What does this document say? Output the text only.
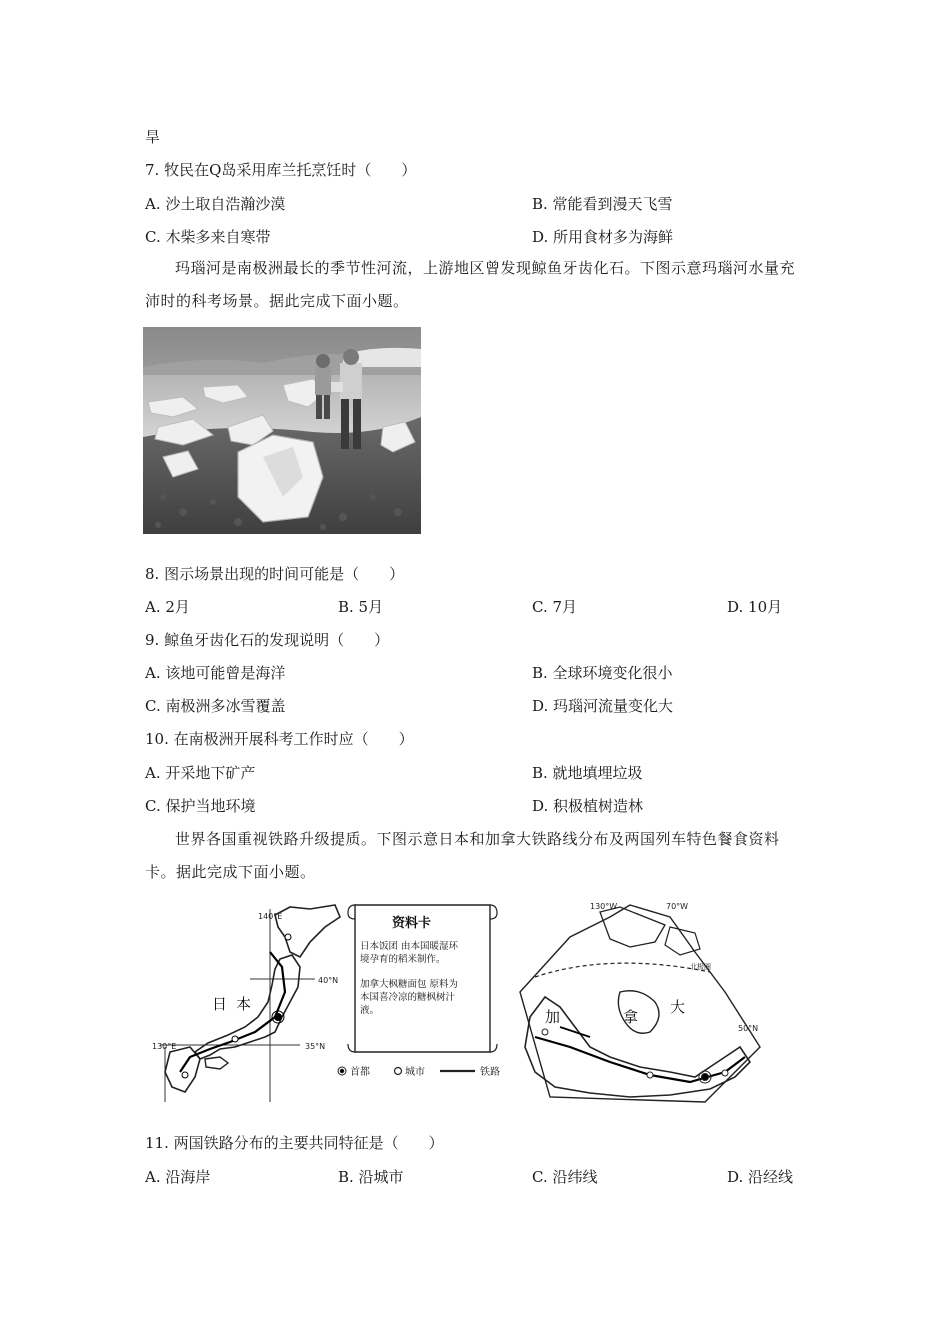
旱
7. 牧民在Q岛采用库兰托烹饪时（　　）
A. 沙土取自浩瀚沙漠	B. 常能看到漫天飞雪
C. 木柴多来自寒带	D. 所用食材多为海鲜
玛瑙河是南极洲最长的季节性河流，上游地区曾发现鲸鱼牙齿化石。下图示意玛瑙河水量充沛时的科考场景。据此完成下面小题。
8. 图示场景出现的时间可能是（　　）
A. 2月	B. 5月	C. 7月	D. 10月
9. 鲸鱼牙齿化石的发现说明（　　）
A. 该地可能曾是海洋	B. 全球环境变化很小
C. 南极洲多冰雪覆盖	D. 玛瑙河流量变化大
10. 在南极洲开展科考工作时应（　　）
A. 开采地下矿产	B. 就地填埋垃圾
C. 保护当地环境	D. 积极植树造林
世界各国重视铁路升级提质。下图示意日本和加拿大铁路线分布及两国列车特色餐食资料卡。据此完成下面小题。
140°E
130°E
40°N
35°N
日 本
资料卡
日本饭团 由本国暖湿环
境孕育的稻米制作。
加拿大枫糖面包 原料为
本国喜冷凉的糖枫树汁
液。
首都	城市	铁路
130°W	70°W
50°N
北极圈
加	拿
大
11. 两国铁路分布的主要共同特征是（　　）
A. 沿海岸	B. 沿城市	C. 沿纬线	D. 沿经线
